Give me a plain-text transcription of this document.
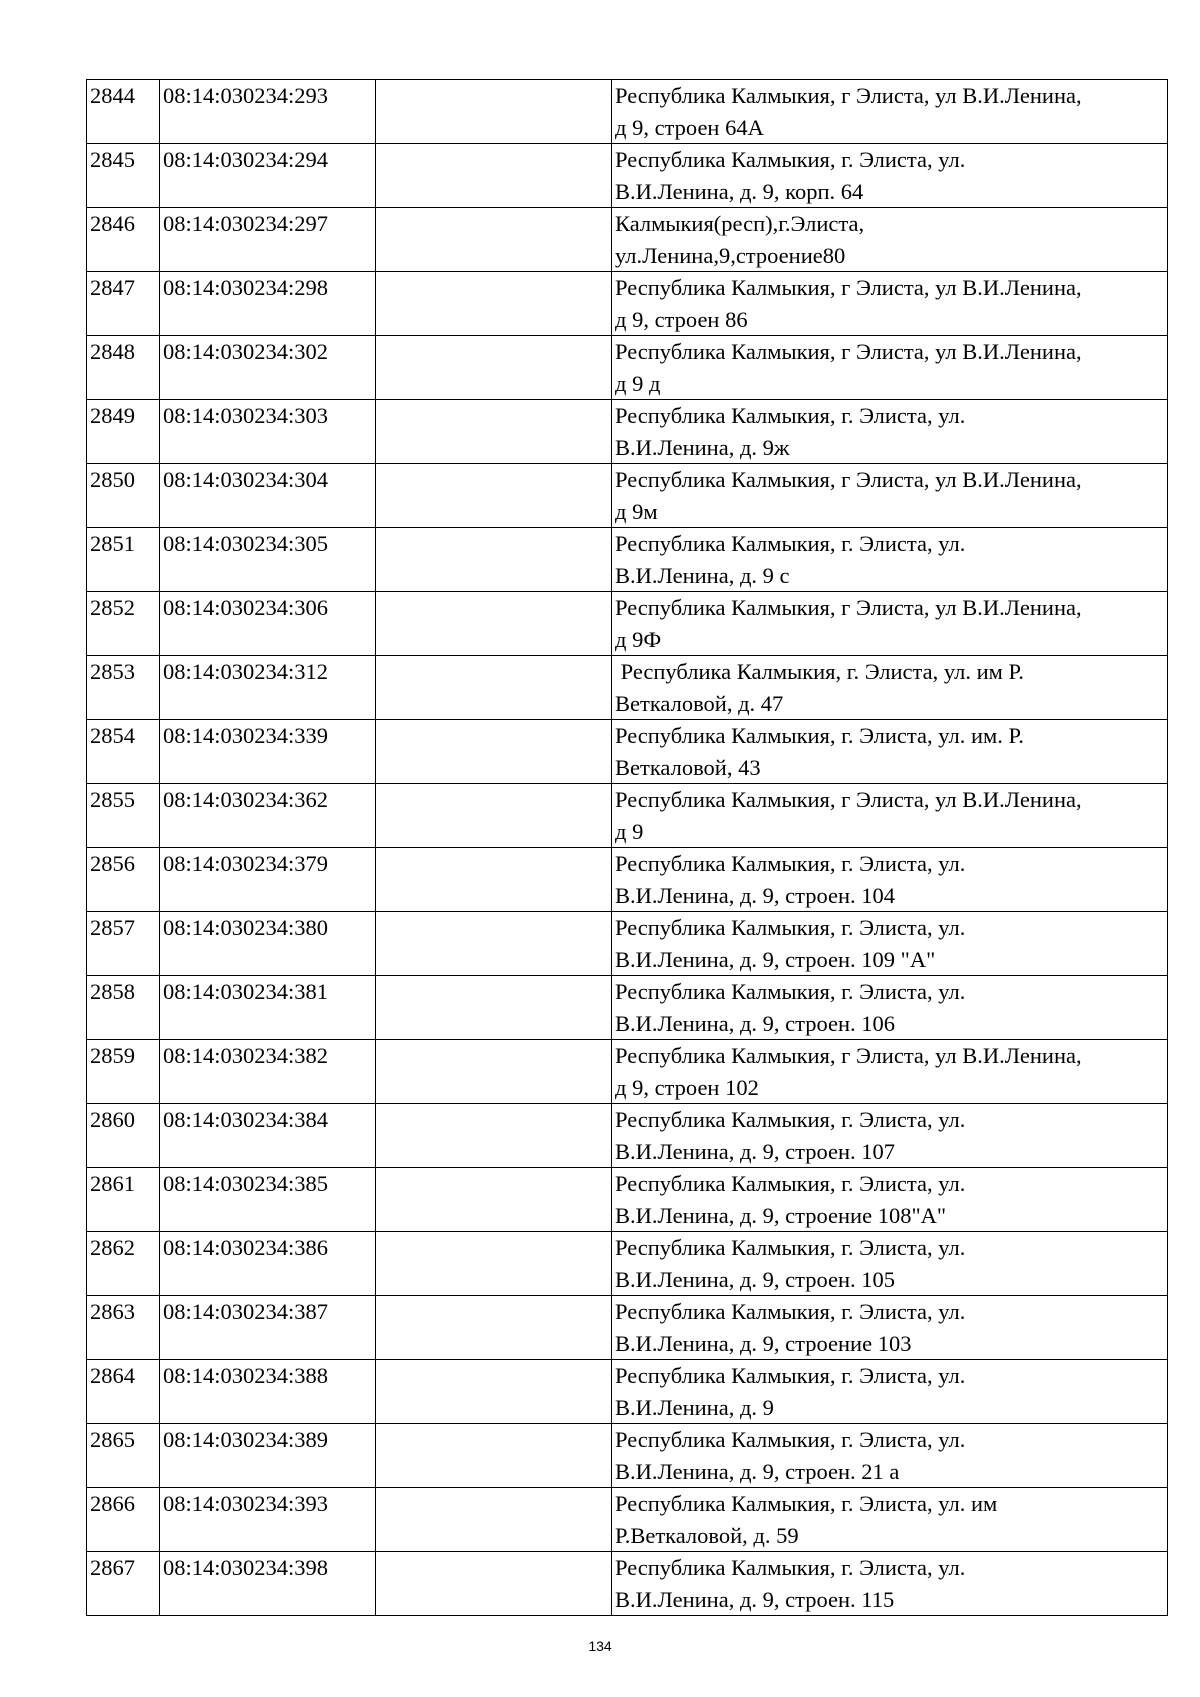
2844	08:14:030234:293		Республика Калмыкия, г Элиста, ул В.И.Ленина,
д 9, строен 64А

2845	08:14:030234:294		Республика Калмыкия, г. Элиста, ул.
В.И.Ленина, д. 9, корп. 64

2846	08:14:030234:297		Калмыкия(респ),г.Элиста,
ул.Ленина,9,строение80

2847	08:14:030234:298		Республика Калмыкия, г Элиста, ул В.И.Ленина,
д 9, строен 86

2848	08:14:030234:302		Республика Калмыкия, г Элиста, ул В.И.Ленина,
д 9 д

2849	08:14:030234:303		Республика Калмыкия, г. Элиста, ул.
В.И.Ленина, д. 9ж

2850	08:14:030234:304		Республика Калмыкия, г Элиста, ул В.И.Ленина,
д 9м

2851	08:14:030234:305		Республика Калмыкия, г. Элиста, ул.
В.И.Ленина, д. 9 с

2852	08:14:030234:306		Республика Калмыкия, г Элиста, ул В.И.Ленина,
д 9Ф

2853	08:14:030234:312		Республика Калмыкия, г. Элиста, ул. им Р.
Веткаловой, д. 47

2854	08:14:030234:339		Республика Калмыкия, г. Элиста, ул. им. Р.
Веткаловой, 43

2855	08:14:030234:362		Республика Калмыкия, г Элиста, ул В.И.Ленина,
д 9

2856	08:14:030234:379		Республика Калмыкия, г. Элиста, ул.
В.И.Ленина, д. 9, строен. 104

2857	08:14:030234:380		Республика Калмыкия, г. Элиста, ул.
В.И.Ленина, д. 9, строен. 109 "А"

2858	08:14:030234:381		Республика Калмыкия, г. Элиста, ул.
В.И.Ленина, д. 9, строен. 106

2859	08:14:030234:382		Республика Калмыкия, г Элиста, ул В.И.Ленина,
д 9, строен 102

2860	08:14:030234:384		Республика Калмыкия, г. Элиста, ул.
В.И.Ленина, д. 9, строен. 107

2861	08:14:030234:385		Республика Калмыкия, г. Элиста, ул.
В.И.Ленина, д. 9, строение 108"А"

2862	08:14:030234:386		Республика Калмыкия, г. Элиста, ул.
В.И.Ленина, д. 9, строен. 105

2863	08:14:030234:387		Республика Калмыкия, г. Элиста, ул.
В.И.Ленина, д. 9, строение 103

2864	08:14:030234:388		Республика Калмыкия, г. Элиста, ул.
В.И.Ленина, д. 9

2865	08:14:030234:389		Республика Калмыкия, г. Элиста, ул.
В.И.Ленина, д. 9, строен. 21 а

2866	08:14:030234:393		Республика Калмыкия, г. Элиста, ул. им
Р.Веткаловой, д. 59

2867	08:14:030234:398		Республика Калмыкия, г. Элиста, ул.
В.И.Ленина, д. 9, строен. 115
134
